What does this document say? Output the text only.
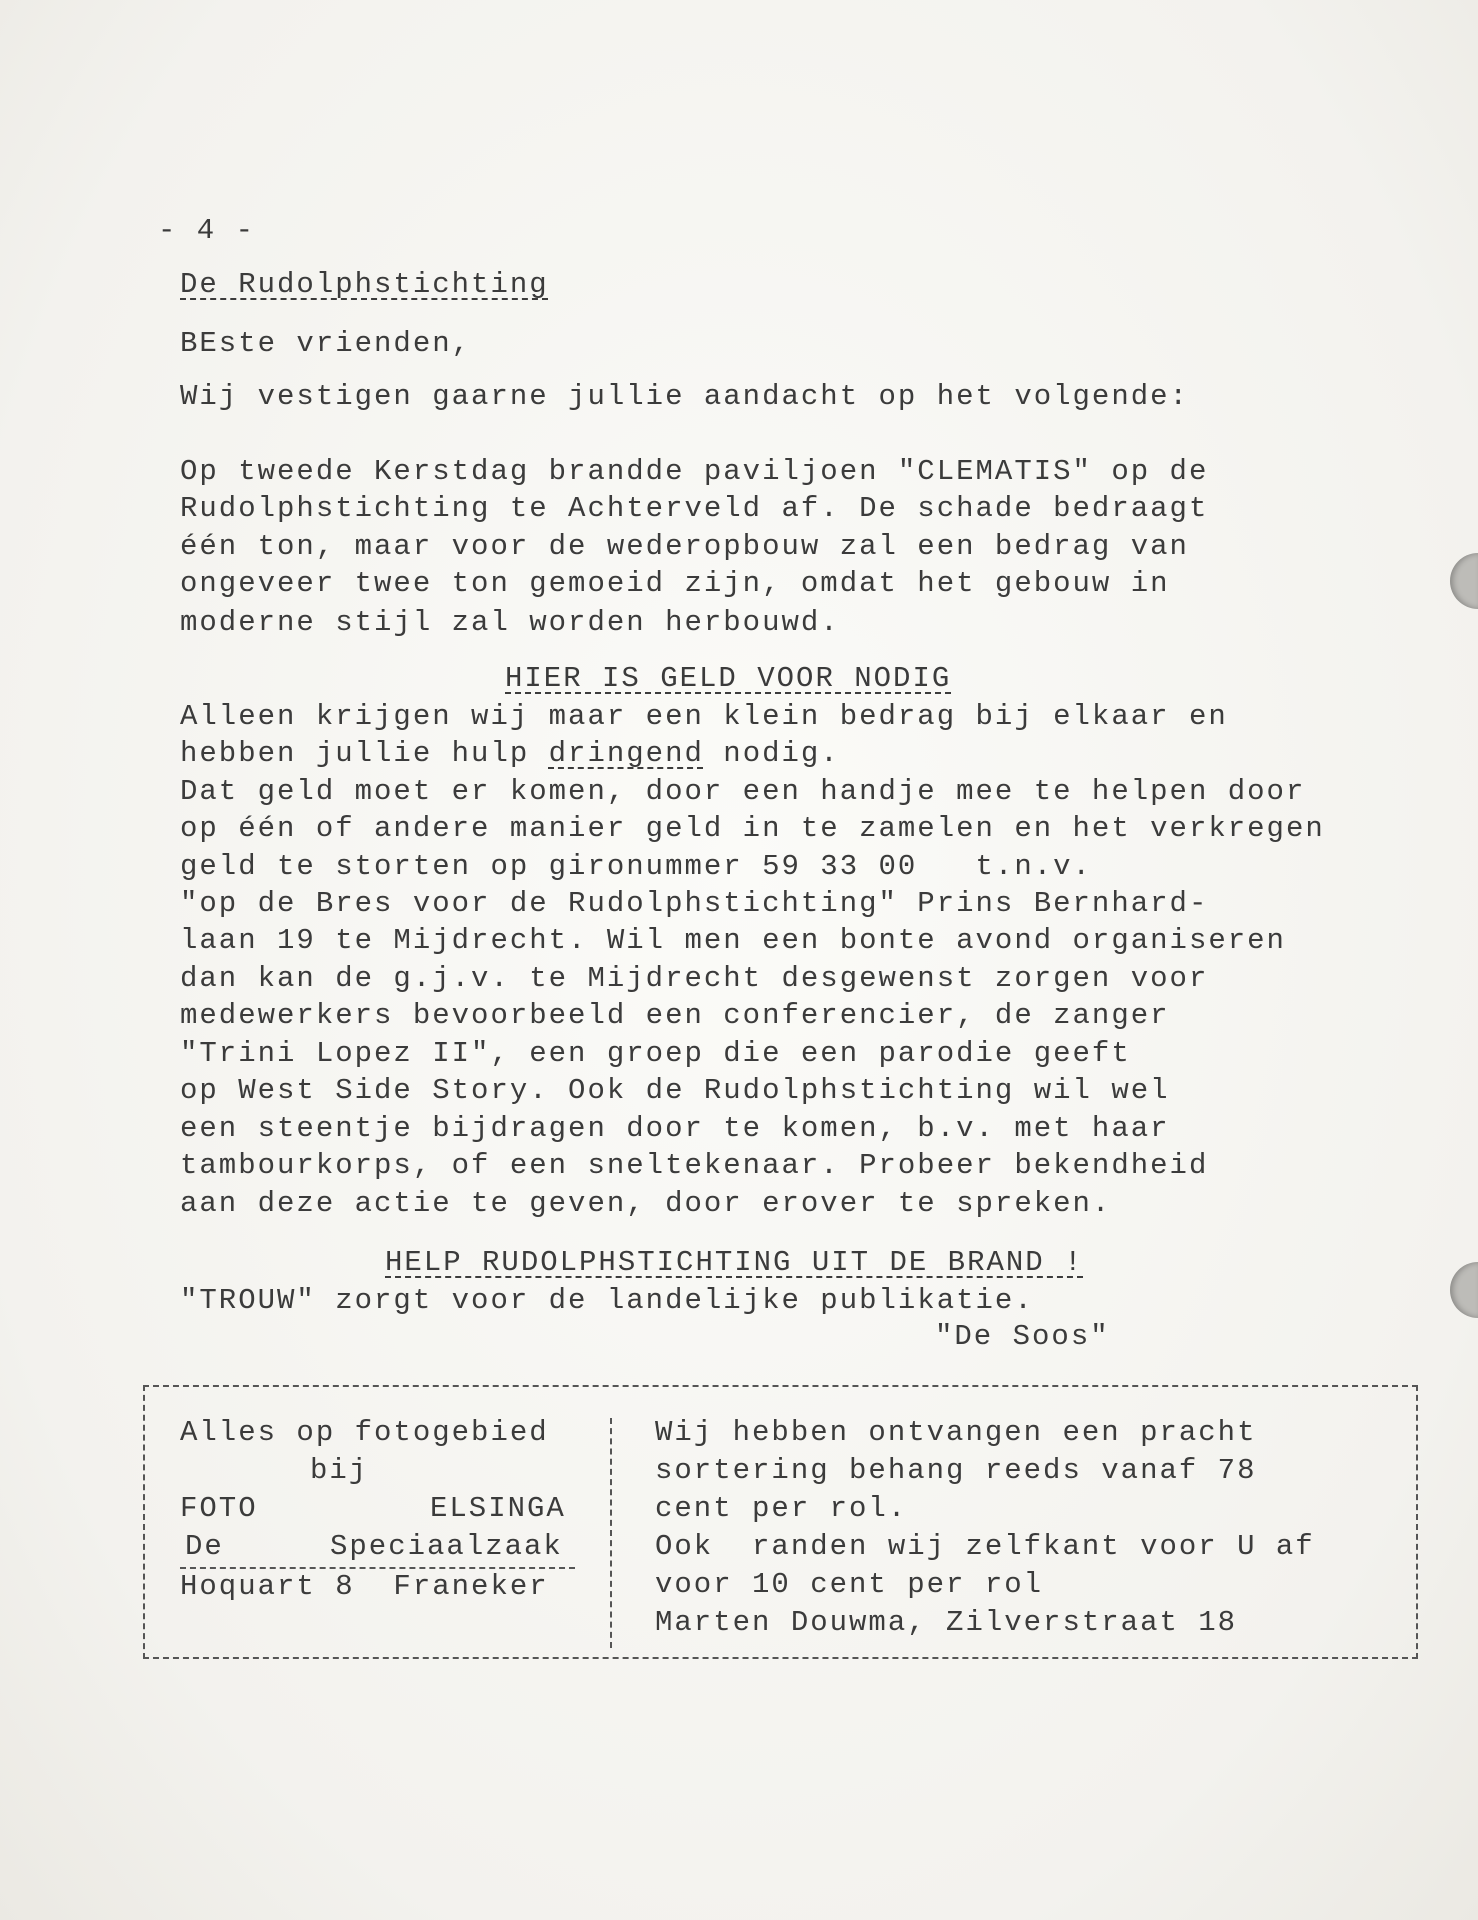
- 4 -
De Rudolphstichting
BEste vrienden,
Wij vestigen gaarne jullie aandacht op het volgende:
Op tweede Kerstdag brandde paviljoen "CLEMATIS" op de
Rudolphstichting te Achterveld af. De schade bedraagt
één ton, maar voor de wederopbouw zal een bedrag van
ongeveer twee ton gemoeid zijn, omdat het gebouw in
moderne stijl zal worden herbouwd.
HIER IS GELD VOOR NODIG
Alleen krijgen wij maar een klein bedrag bij elkaar en
hebben jullie hulp dringend nodig.
Dat geld moet er komen, door een handje mee te helpen door
op één of andere manier geld in te zamelen en het verkregen
geld te storten op gironummer 59 33 00   t.n.v.
"op de Bres voor de Rudolphstichting" Prins Bernhard-
laan 19 te Mijdrecht. Wil men een bonte avond organiseren
dan kan de g.j.v. te Mijdrecht desgewenst zorgen voor
medewerkers bevoorbeeld een conferencier, de zanger
"Trini Lopez II", een groep die een parodie geeft
op West Side Story. Ook de Rudolphstichting wil wel
een steentje bijdragen door te komen, b.v. met haar
tambourkorps, of een sneltekenaar. Probeer bekendheid
aan deze actie te geven, door erover te spreken.
HELP RUDOLPHSTICHTING UIT DE BRAND !
"TROUW" zorgt voor de landelijke publikatie.
"De Soos"
Alles op fotogebied
bij
FOTO	ELSINGA
De	Speciaalzaak
Hoquart 8  Franeker
Wij hebben ontvangen een pracht
sortering behang reeds vanaf 78
cent per rol.
Ook  randen wij zelfkant voor U af
voor 10 cent per rol
Marten Douwma, Zilverstraat 18
